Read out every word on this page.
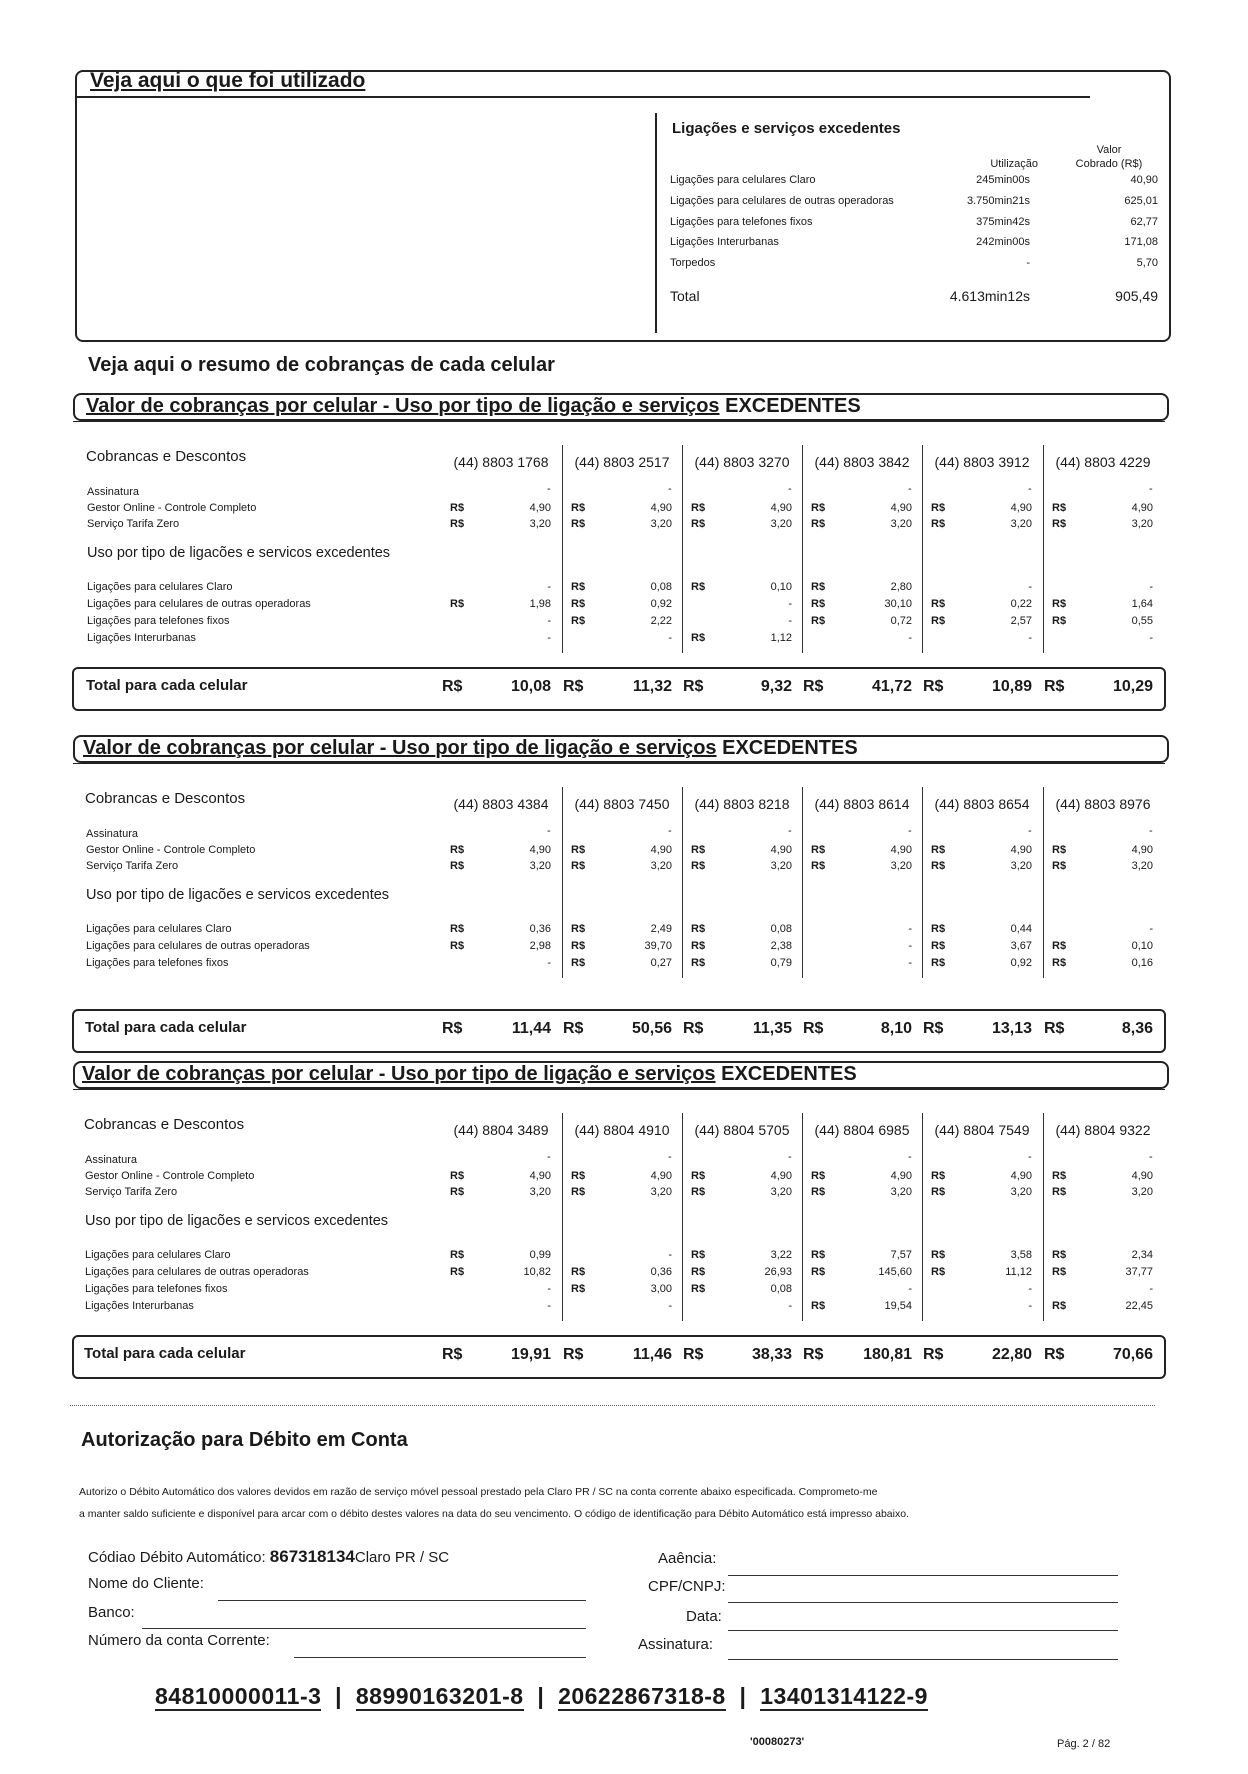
Veja aqui o que foi utilizado
Ligações e serviços excedentes
Utilização
Valor
Cobrado (R$)
Ligações para celulares Claro	245min00s	40,90
Ligações para celulares de outras operadoras	3.750min21s	625,01
Ligações para telefones fixos	375min42s	62,77
Ligações Interurbanas	242min00s	171,08
Torpedos	-	5,70
Total	4.613min12s	905,49
Veja aqui o resumo de cobranças de cada celular
Valor de cobranças por celular - Uso por tipo de ligação e serviços EXCEDENTES
Cobrancas e Descontos	(44) 8803 1768	(44) 8803 2517	(44) 8803 3270	(44) 8803 3842	(44) 8803 3912	(44) 8803 4229
Assinatura	-	-	-	-	-	-
Gestor Online - Controle Completo	R$	4,90 R$	4,90 R$	4,90 R$	4,90 R$	4,90 R$	4,90
Serviço Tarifa Zero	R$	3,20 R$	3,20 R$	3,20 R$	3,20 R$	3,20 R$	3,20
Uso por tipo de ligacões e servicos excedentes
Ligações para celulares Claro	- R$	0,08 R$	0,10 R$	2,80	-	-
Ligações para celulares de outras operadoras	R$	1,98 R$	0,92	- R$	30,10 R$	0,22 R$	1,64
Ligações para telefones fixos	- R$	2,22	- R$	0,72 R$	2,57 R$	0,55
Ligações Interurbanas	-	- R$	1,12	-	-	-
Total para cada celular	R$	10,08 R$	11,32 R$	9,32 R$	41,72 R$	10,89 R$	10,29
Valor de cobranças por celular - Uso por tipo de ligação e serviços EXCEDENTES
Cobrancas e Descontos	(44) 8803 4384	(44) 8803 7450	(44) 8803 8218	(44) 8803 8614	(44) 8803 8654	(44) 8803 8976
Assinatura	-	-	-	-	-	-
Gestor Online - Controle Completo	R$	4,90 R$	4,90 R$	4,90 R$	4,90 R$	4,90 R$	4,90
Serviço Tarifa Zero	R$	3,20 R$	3,20 R$	3,20 R$	3,20 R$	3,20 R$	3,20
Uso por tipo de ligacões e servicos excedentes
Ligações para celulares Claro	R$	0,36 R$	2,49 R$	0,08	- R$	0,44	-
Ligações para celulares de outras operadoras	R$	2,98 R$	39,70 R$	2,38	- R$	3,67 R$	0,10
Ligações para telefones fixos	- R$	0,27 R$	0,79	- R$	0,92 R$	0,16
Total para cada celular	R$	11,44 R$	50,56 R$	11,35 R$	8,10 R$	13,13 R$	8,36
Valor de cobranças por celular - Uso por tipo de ligação e serviços EXCEDENTES
Cobrancas e Descontos	(44) 8804 3489	(44) 8804 4910	(44) 8804 5705	(44) 8804 6985	(44) 8804 7549	(44) 8804 9322
Assinatura	-	-	-	-	-	-
Gestor Online - Controle Completo	R$	4,90 R$	4,90 R$	4,90 R$	4,90 R$	4,90 R$	4,90
Serviço Tarifa Zero	R$	3,20 R$	3,20 R$	3,20 R$	3,20 R$	3,20 R$	3,20
Uso por tipo de ligacões e servicos excedentes
Ligações para celulares Claro	R$	0,99	- R$	3,22 R$	7,57 R$	3,58 R$	2,34
Ligações para celulares de outras operadoras	R$	10,82 R$	0,36 R$	26,93 R$	145,60 R$	11,12 R$	37,77
Ligações para telefones fixos	- R$	3,00 R$	0,08	-	-	-
Ligações Interurbanas	-	-	- R$	19,54	- R$	22,45
Total para cada celular	R$	19,91 R$	11,46 R$	38,33 R$	180,81 R$	22,80 R$	70,66
Autorização para Débito em Conta
Autorizo o Débito Automático dos valores devidos em razão de serviço móvel pessoal prestado pela Claro PR / SC na conta corrente abaixo especificada. Comprometo-me
a manter saldo suficiente e disponível para arcar com o débito destes valores na data do seu vencimento. O código de identificação para Débito Automático está impresso abaixo.
Códiao Débito Automático: 867318134Claro PR / SC
Nome do Cliente:
Banco:
Número da conta Corrente:
Aaência:
CPF/CNPJ:
Data:
Assinatura:
84810000011-3 | 88990163201-8 | 20622867318-8 | 13401314122-9
'00080273'	Pág. 2 / 82
